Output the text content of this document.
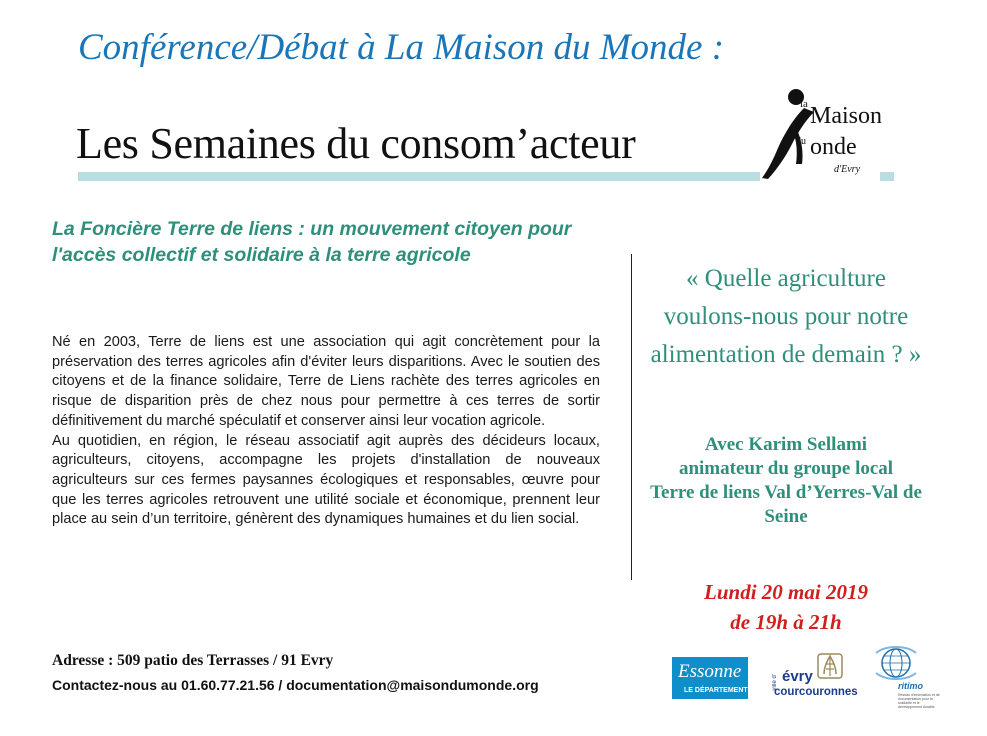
Conférence/Débat à La Maison du Monde :
Les Semaines du consom’acteur
la Maison
du onde
d'Evry
La Foncière Terre de liens : un mouvement citoyen pour l'accès collectif et solidaire à la terre agricole

Né en 2003, Terre de liens est une association qui agit concrètement pour la préservation des terres agricoles afin d'éviter leurs disparitions. Avec le soutien des citoyens et de la finance solidaire, Terre de Liens rachète des terres agricoles en risque de disparition près de chez nous pour permettre à ces terres de sortir définitivement du marché spéculatif et conserver ainsi leur vocation agricole.

Au quotidien, en région, le réseau associatif agit auprès des décideurs locaux, agriculteurs, citoyens, accompagne les projets d'installation de nouveaux agriculteurs sur ces fermes paysannes écologiques et responsables, œuvre pour que les terres agricoles retrouvent une utilité sociale et économique, prennent leur place au sein d’un territoire, génèrent des dynamiques humaines et du lien social.

« Quelle agriculture voulons-nous pour notre alimentation de demain ? »
Avec Karim Sellami
animateur du groupe local
Terre de liens Val d’Yerres-Val de Seine
Lundi 20 mai 2019
de 19h à 21h
Adresse : 509 patio des Terrasses / 91 Evry
Contactez-nous au 01.60.77.21.56 / documentation@maisondumonde.org
Essonne
LE DÉPARTEMENT	ville d' évry
courcouronnes	ritimo
Réseau d'information et de documentation pour la solidarité et le développement durable
